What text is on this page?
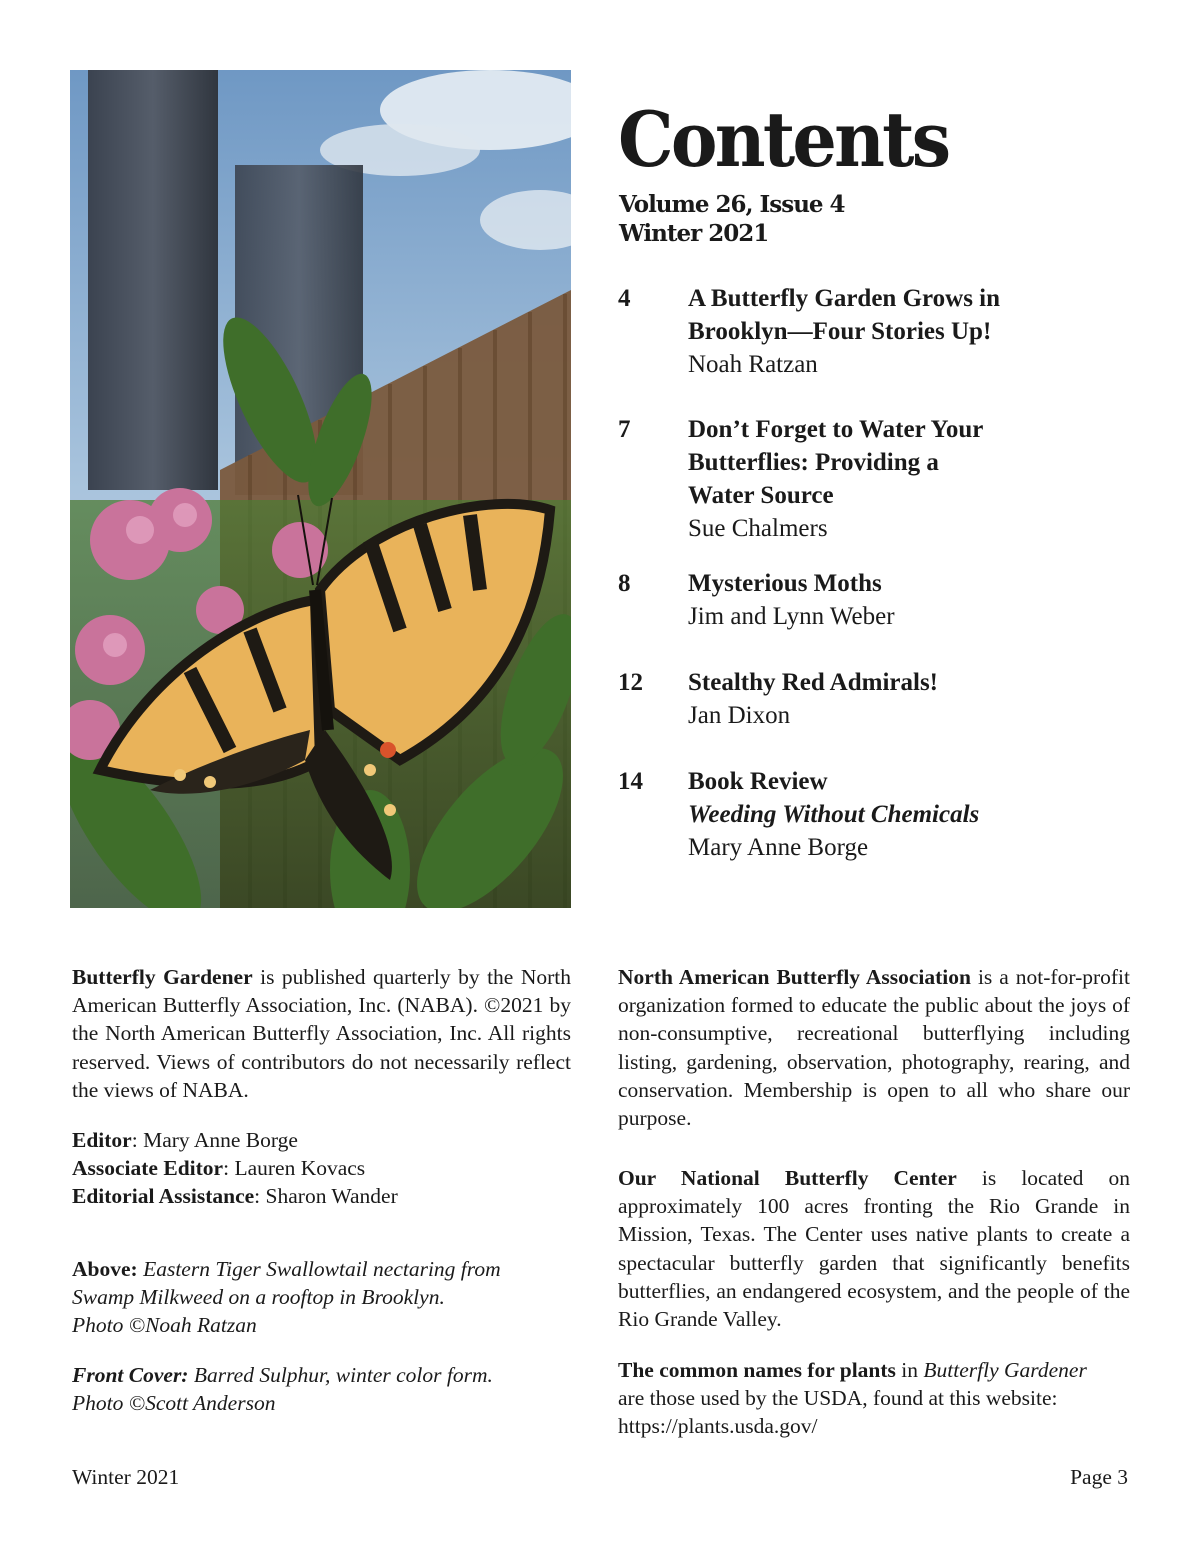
Contents
Volume 26, Issue 4
Winter 2021
4 A Butterfly Garden Grows in
Brooklyn—Four Stories Up!
Noah Ratzan
7 Don’t Forget to Water Your
Butterflies: Providing a
Water Source
Sue Chalmers
8 Mysterious Moths
Jim and Lynn Weber
12 Stealthy Red Admirals!
Jan Dixon
14 Book Review
Weeding Without Chemicals
Mary Anne Borge

Butterfly Gardener is published quarterly by the North American Butterfly Association, Inc. (NABA). ©2021 by the North American Butterfly Association, Inc. All rights reserved. Views of contributors do not necessarily reflect the views of NABA.

Editor: Mary Anne Borge

Associate Editor: Lauren Kovacs

Editorial Assistance: Sharon Wander

Above: Eastern Tiger Swallowtail nectaring from Swamp Milkweed on a rooftop in Brooklyn.
Photo ©Noah Ratzan

Front Cover: Barred Sulphur, winter color form.
Photo ©Scott Anderson

North American Butterfly Association is a not-for-profit organization formed to educate the public about the joys of non-consumptive, recreational butterflying including listing, gardening, observation, photography, rearing, and conservation. Membership is open to all who share our purpose.

Our National Butterfly Center is located on approximately 100 acres fronting the Rio Grande in Mission, Texas. The Center uses native plants to create a spectacular butterfly garden that significantly benefits butterflies, an endangered ecosystem, and the people of the Rio Grande Valley.

The common names for plants in Butterfly Gardener are those used by the USDA, found at this website: https://plants.usda.gov/

Winter 2021	Page 3
